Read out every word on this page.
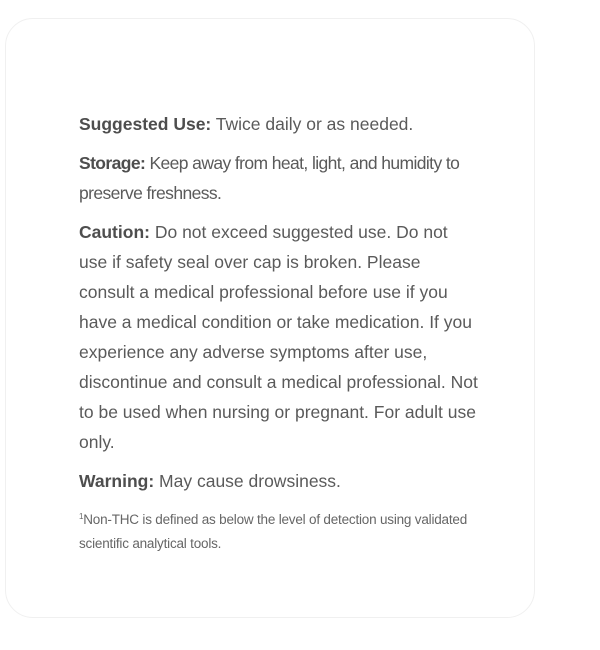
Suggested Use: Twice daily or as needed.

Storage: Keep away from heat, light, and humidity to preserve freshness.

Caution: Do not exceed suggested use. Do not use if safety seal over cap is broken. Please consult a medical professional before use if you have a medical condition or take medication. If you experience any adverse symptoms after use, discontinue and consult a medical professional. Not to be used when nursing or pregnant. For adult use only.

Warning: May cause drowsiness.

$^1$Non-THC is defined as below the level of detection using validated scientific analytical tools.
